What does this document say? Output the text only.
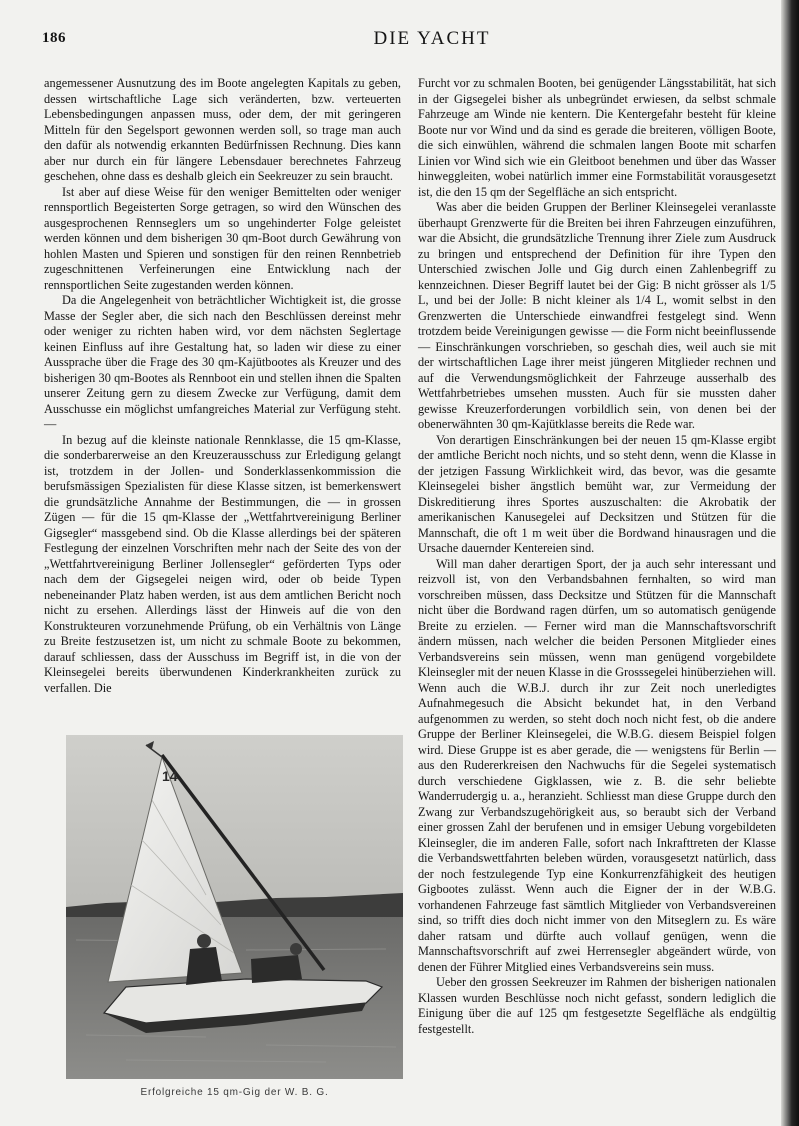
186	DIE YACHT

angemessener Ausnutzung des im Boote angelegten Kapitals zu geben, dessen wirtschaftliche Lage sich veränderten, bzw. verteuerten Lebensbedingungen anpassen muss, oder dem, der mit geringeren Mitteln für den Segelsport gewonnen werden soll, so trage man auch den dafür als notwendig erkannten Bedürfnissen Rechnung. Dies kann aber nur durch ein für längere Lebensdauer berechnetes Fahrzeug geschehen, ohne dass es deshalb gleich ein Seekreuzer zu sein braucht.

Ist aber auf diese Weise für den weniger Bemittelten oder weniger rennsportlich Begeisterten Sorge getragen, so wird den Wünschen des ausgesprochenen Rennseglers um so ungehinderter Folge geleistet werden können und dem bisherigen 30 qm-Boot durch Gewährung von hohlen Masten und Spieren und sonstigen für den reinen Rennbetrieb zugeschnittenen Verfeinerungen eine Entwicklung nach der rennsportlichen Seite zugestanden werden können.

Da die Angelegenheit von beträchtlicher Wichtigkeit ist, die grosse Masse der Segler aber, die sich nach den Beschlüssen dereinst mehr oder weniger zu richten haben wird, vor dem nächsten Seglertage keinen Einfluss auf ihre Gestaltung hat, so laden wir diese zu einer Aussprache über die Frage des 30 qm-Kajütbootes als Kreuzer und des bisherigen 30 qm-Bootes als Rennboot ein und stellen ihnen die Spalten unserer Zeitung gern zu diesem Zwecke zur Verfügung, damit dem Ausschusse ein möglichst umfangreiches Material zur Verfügung steht. —

In bezug auf die kleinste nationale Rennklasse, die 15 qm-Klasse, die sonderbarerweise an den Kreuzerausschuss zur Erledigung gelangt ist, trotzdem in der Jollen- und Sonderklassenkommission die berufsmässigen Spezialisten für diese Klasse sitzen, ist bemerkenswert die grundsätzliche Annahme der Bestimmungen, die — in grossen Zügen — für die 15 qm-Klasse der „Wettfahrtvereinigung Berliner Gigsegler“ massgebend sind. Ob die Klasse allerdings bei der späteren Festlegung der einzelnen Vorschriften mehr nach der Seite des von der „Wettfahrtvereinigung Berliner Jollensegler“ geförderten Typs oder nach dem der Gigsegelei neigen wird, oder ob beide Typen nebeneinander Platz haben werden, ist aus dem amtlichen Bericht noch nicht zu ersehen. Allerdings lässt der Hinweis auf die von den Konstrukteuren vorzunehmende Prüfung, ob ein Verhältnis von Länge zu Breite festzusetzen ist, um nicht zu schmale Boote zu bekommen, darauf schliessen, dass der Ausschuss im Begriff ist, in die von der Kleinsegelei bereits überwundenen Kinderkrankheiten zurück zu verfallen. Die

14
Erfolgreiche 15 qm-Gig der W. B. G.

Furcht vor zu schmalen Booten, bei genügender Längsstabilität, hat sich in der Gigsegelei bisher als unbegründet erwiesen, da selbst schmale Fahrzeuge am Winde nie kentern. Die Kentergefahr besteht für kleine Boote nur vor Wind und da sind es gerade die breiteren, völligen Boote, die sich einwühlen, während die schmalen langen Boote mit scharfen Linien vor Wind sich wie ein Gleitboot benehmen und über das Wasser hinweggleiten, wobei natürlich immer eine Formstabilität vorausgesetzt ist, die den 15 qm der Segelfläche an sich entspricht.

Was aber die beiden Gruppen der Berliner Kleinsegelei veranlasste überhaupt Grenzwerte für die Breiten bei ihren Fahrzeugen einzuführen, war die Absicht, die grundsätzliche Trennung ihrer Ziele zum Ausdruck zu bringen und entsprechend der Definition für ihre Typen den Unterschied zwischen Jolle und Gig durch einen Zahlenbegriff zu kennzeichnen. Dieser Begriff lautet bei der Gig: B nicht grösser als 1/5 L, und bei der Jolle: B nicht kleiner als 1/4 L, womit selbst in den Grenzwerten die Unterschiede einwandfrei festgelegt sind. Wenn trotzdem beide Vereinigungen gewisse — die Form nicht beeinflussende — Einschränkungen vorschrieben, so geschah dies, weil auch sie mit der wirtschaftlichen Lage ihrer meist jüngeren Mitglieder rechnen und auf die Verwendungsmöglichkeit der Fahrzeuge ausserhalb des Wettfahrbetriebes umsehen mussten. Auch für sie mussten daher gewisse Kreuzerforderungen vorbildlich sein, von denen bei der obenerwähnten 30 qm-Kajütklasse bereits die Rede war.

Von derartigen Einschränkungen bei der neuen 15 qm-Klasse ergibt der amtliche Bericht noch nichts, und so steht denn, wenn die Klasse in der jetzigen Fassung Wirklichkeit wird, das bevor, was die gesamte Kleinsegelei bisher ängstlich bemüht war, zur Vermeidung der Diskreditierung ihres Sportes auszuschalten: die Akrobatik der amerikanischen Kanusegelei auf Decksitzen und Stützen für die Mannschaft, die oft 1 m weit über die Bordwand hinausragen und die Ursache dauernder Kentereien sind.

Will man daher derartigen Sport, der ja auch sehr interessant und reizvoll ist, von den Verbandsbahnen fernhalten, so wird man vorschreiben müssen, dass Decksitze und Stützen für die Mannschaft nicht über die Bordwand ragen dürfen, um so automatisch genügende Breite zu erzielen. — Ferner wird man die Mannschaftsvorschrift ändern müssen, nach welcher die beiden Personen Mitglieder eines Verbandsvereins sein müssen, wenn man genügend vorgebildete Kleinsegler mit der neuen Klasse in die Grosssegelei hinüberziehen will. Wenn auch die W.B.J. durch ihr zur Zeit noch unerledigtes Aufnahmegesuch die Absicht bekundet hat, in den Verband aufgenommen zu werden, so steht doch noch nicht fest, ob die andere Gruppe der Berliner Kleinsegelei, die W.B.G. diesem Beispiel folgen wird. Diese Gruppe ist es aber gerade, die — wenigstens für Berlin — aus den Rudererkreisen den Nachwuchs für die Segelei systematisch durch verschiedene Gigklassen, wie z. B. die sehr beliebte Wanderrudergig u. a., heranzieht. Schliesst man diese Gruppe durch den Zwang zur Verbandszugehörigkeit aus, so beraubt sich der Verband einer grossen Zahl der berufenen und in emsiger Uebung vorgebildeten Kleinsegler, die im anderen Falle, sofort nach Inkrafttreten der Klasse die Verbandswettfahrten beleben würden, vorausgesetzt natürlich, dass der noch festzulegende Typ eine Konkurrenzfähigkeit des heutigen Gigbootes zulässt. Wenn auch die Eigner der in der W.B.G. vorhandenen Fahrzeuge fast sämtlich Mitglieder von Verbandsvereinen sind, so trifft dies doch nicht immer von den Mitseglern zu. Es wäre daher ratsam und dürfte auch vollauf genügen, wenn die Mannschaftsvorschrift auf zwei Herrensegler abgeändert würde, von denen der Führer Mitglied eines Verbandsvereins sein muss.

Ueber den grossen Seekreuzer im Rahmen der bisherigen nationalen Klassen wurden Beschlüsse noch nicht gefasst, sondern lediglich die Einigung über die auf 125 qm festgesetzte Segelfläche als endgültig festgestellt.
